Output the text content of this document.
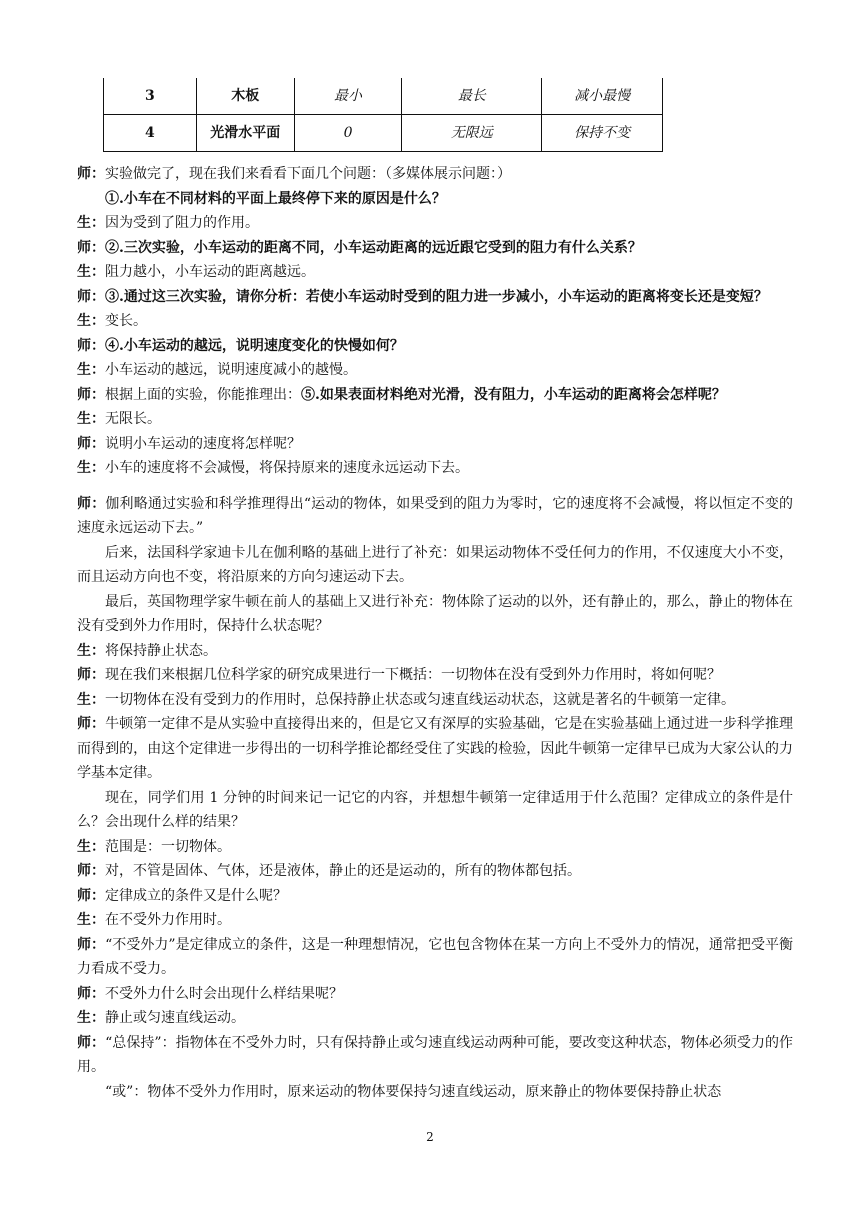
3	木板	最小	最长	减小最慢
4	光滑水平面	0	无限远	保持不变

师：实验做完了，现在我们来看看下面几个问题：（多媒体展示问题：）

①.小车在不同材料的平面上最终停下来的原因是什么？

生：因为受到了阻力的作用。

师：②.三次实验，小车运动的距离不同，小车运动距离的远近跟它受到的阻力有什么关系？

生：阻力越小，小车运动的距离越远。

师：③.通过这三次实验，请你分析：若使小车运动时受到的阻力进一步减小，小车运动的距离将变长还是变短？

生：变长。

师：④.小车运动的越远，说明速度变化的快慢如何？

生：小车运动的越远，说明速度减小的越慢。

师：根据上面的实验，你能推理出：⑤.如果表面材料绝对光滑，没有阻力，小车运动的距离将会怎样呢？

生：无限长。

师：说明小车运动的速度将怎样呢？

生：小车的速度将不会减慢，将保持原来的速度永远运动下去。

师：伽利略通过实验和科学推理得出“运动的物体，如果受到的阻力为零时，它的速度将不会减慢，将以恒定不变的速度永远运动下去。”

后来，法国科学家迪卡儿在伽利略的基础上进行了补充：如果运动物体不受任何力的作用，不仅速度大小不变，而且运动方向也不变，将沿原来的方向匀速运动下去。

最后，英国物理学家牛顿在前人的基础上又进行补充：物体除了运动的以外，还有静止的，那么，静止的物体在没有受到外力作用时，保持什么状态呢？

生：将保持静止状态。

师：现在我们来根据几位科学家的研究成果进行一下概括：一切物体在没有受到外力作用时，将如何呢？

生：一切物体在没有受到力的作用时，总保持静止状态或匀速直线运动状态，这就是著名的牛顿第一定律。

师：牛顿第一定律不是从实验中直接得出来的，但是它又有深厚的实验基础，它是在实验基础上通过进一步科学推理而得到的，由这个定律进一步得出的一切科学推论都经受住了实践的检验，因此牛顿第一定律早已成为大家公认的力学基本定律。

现在，同学们用 1 分钟的时间来记一记它的内容，并想想牛顿第一定律适用于什么范围？定律成立的条件是什么？会出现什么样的结果？

生：范围是：一切物体。

师：对，不管是固体、气体，还是液体，静止的还是运动的，所有的物体都包括。

师：定律成立的条件又是什么呢？

生：在不受外力作用时。

师：“不受外力”是定律成立的条件，这是一种理想情况，它也包含物体在某一方向上不受外力的情况，通常把受平衡力看成不受力。

师：不受外力什么时会出现什么样结果呢？

生：静止或匀速直线运动。

师：“总保持”：指物体在不受外力时，只有保持静止或匀速直线运动两种可能，要改变这种状态，物体必须受力的作用。

“或”：物体不受外力作用时，原来运动的物体要保持匀速直线运动，原来静止的物体要保持静止状态

2
